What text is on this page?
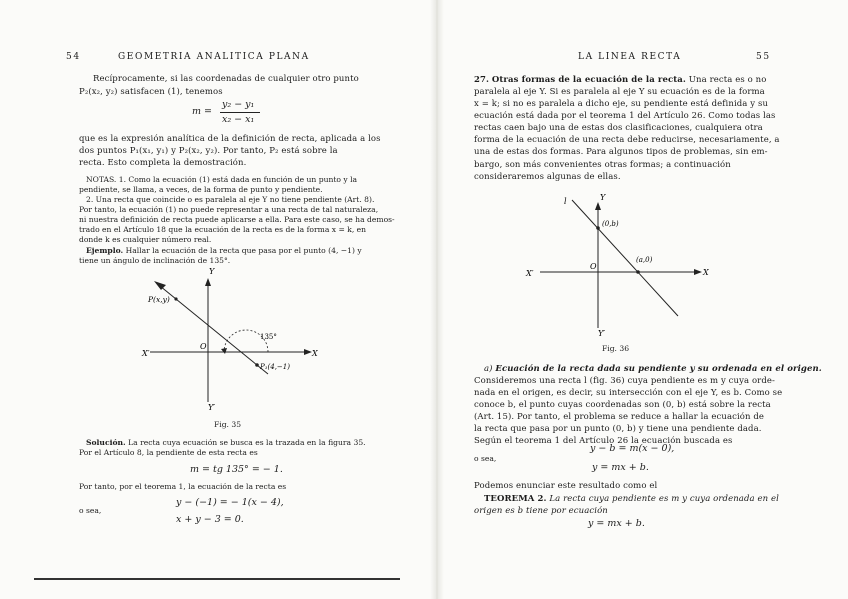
54	GEOMETRIA ANALITICA PLANA
Recíprocamente, si las coordenadas de cualquier otro punto
P₂(x₂, y₂) satisfacen (1), tenemos
m =
y₂ − y₁
x₂ − x₁
que es la expresión analítica de la definición de recta, aplicada a los
dos puntos P₁(x₁, y₁) y P₂(x₂, y₂). Por tanto, P₂ está sobre la
recta. Esto completa la demostración.
NOTAS. 1. Como la ecuación (1) está dada en función de un punto y la
pendiente, se llama, a veces, de la forma de punto y pendiente.
2. Una recta que coincide o es paralela al eje Y no tiene pendiente (Art. 8).
Por tanto, la ecuación (1) no puede representar a una recta de tal naturaleza,
ni nuestra definición de recta puede aplicarse a ella. Para este caso, se ha demos-
trado en el Artículo 18 que la ecuación de la recta es de la forma x = k, en
donde k es cualquier número real.
Ejemplo. Hallar la ecuación de la recta que pasa por el punto (4, −1) y
tiene un ángulo de inclinación de 135°.
Y
X
X′
Y′
O
P(x,y)
P₁(4,−1)
135°
Fig. 35
Solución. La recta cuya ecuación se busca es la trazada en la figura 35.
Por el Artículo 8, la pendiente de esta recta es
m = tg 135° = − 1.
Por tanto, por el teorema 1, la ecuación de la recta es
y − (−1) = − 1(x − 4),
o sea,
x + y − 3 = 0.
LA LINEA RECTA	55
27. Otras formas de la ecuación de la recta. Una recta es o no
paralela al eje Y. Si es paralela al eje Y su ecuación es de la forma
x = k; si no es paralela a dicho eje, su pendiente está definida y su
ecuación está dada por el teorema 1 del Artículo 26. Como todas las
rectas caen bajo una de estas dos clasificaciones, cualquiera otra
forma de la ecuación de una recta debe reducirse, necesariamente, a
una de estas dos formas. Para algunos tipos de problemas, sin em-
bargo, son más convenientes otras formas; a continuación consideraremos algunas de ellas.
Y
X
X′
Y′
O
l
(0,b)
(a,0)
Fig. 36
a) Ecuación de la recta dada su pendiente y su ordenada en el origen.
Consideremos una recta l (fig. 36) cuya pendiente es m y cuya orde-
nada en el origen, es decir, su intersección con el eje Y, es b. Como se
conoce b, el punto cuyas coordenadas son (0, b) está sobre la recta
(Art. 15). Por tanto, el problema se reduce a hallar la ecuación de
la recta que pasa por un punto (0, b) y tiene una pendiente dada.
Según el teorema 1 del Artículo 26 la ecuación buscada es
y − b = m(x − 0),
o sea,
y = mx + b.
Podemos enunciar este resultado como el
TEOREMA 2. La recta cuya pendiente es m y cuya ordenada en el
origen es b tiene por ecuación
y = mx + b.
